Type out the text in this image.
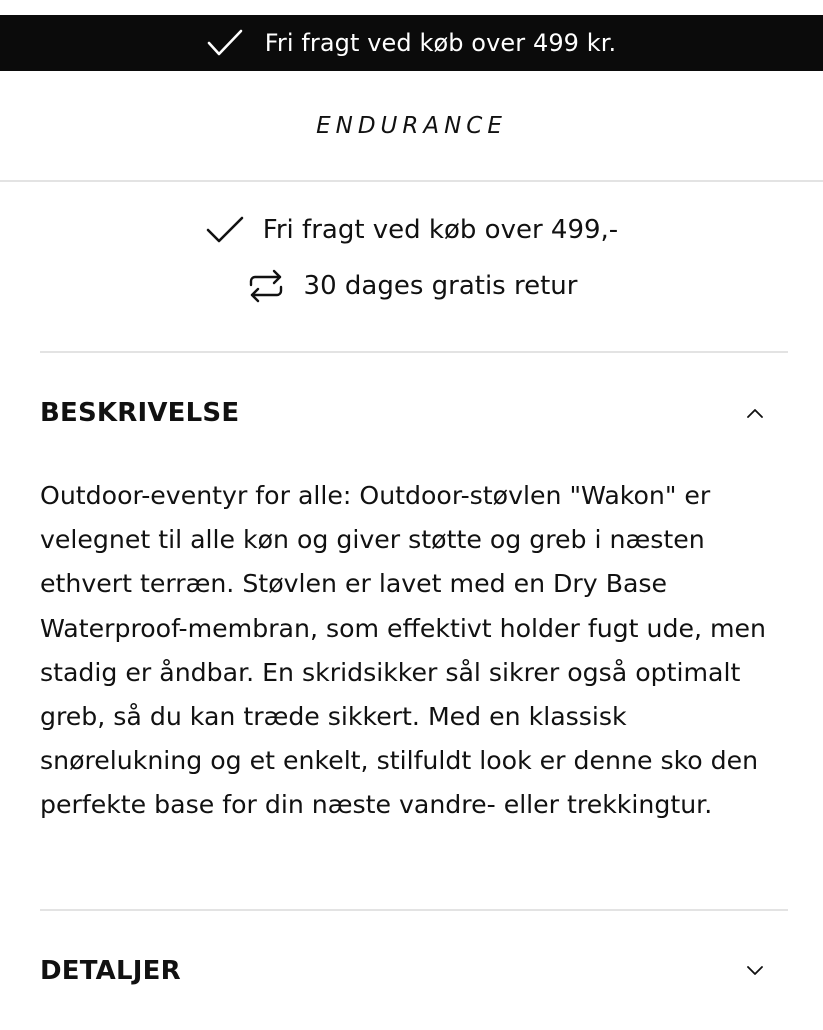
Fri fragt ved køb over 499 kr.
ENDURANCE
Fri fragt ved køb over 499,-
30 dages gratis retur
BESKRIVELSE
Outdoor-eventyr for alle: Outdoor-støvlen "Wakon" er velegnet til alle køn og giver støtte og greb i næsten ethvert terræn. Støvlen er lavet med en Dry Base Waterproof-membran, som effektivt holder fugt ude, men stadig er åndbar. En skridsikker sål sikrer også optimalt greb, så du kan træde sikkert. Med en klassisk snørelukning og et enkelt, stilfuldt look er denne sko den perfekte base for din næste vandre- eller trekkingtur.
DETALJER
